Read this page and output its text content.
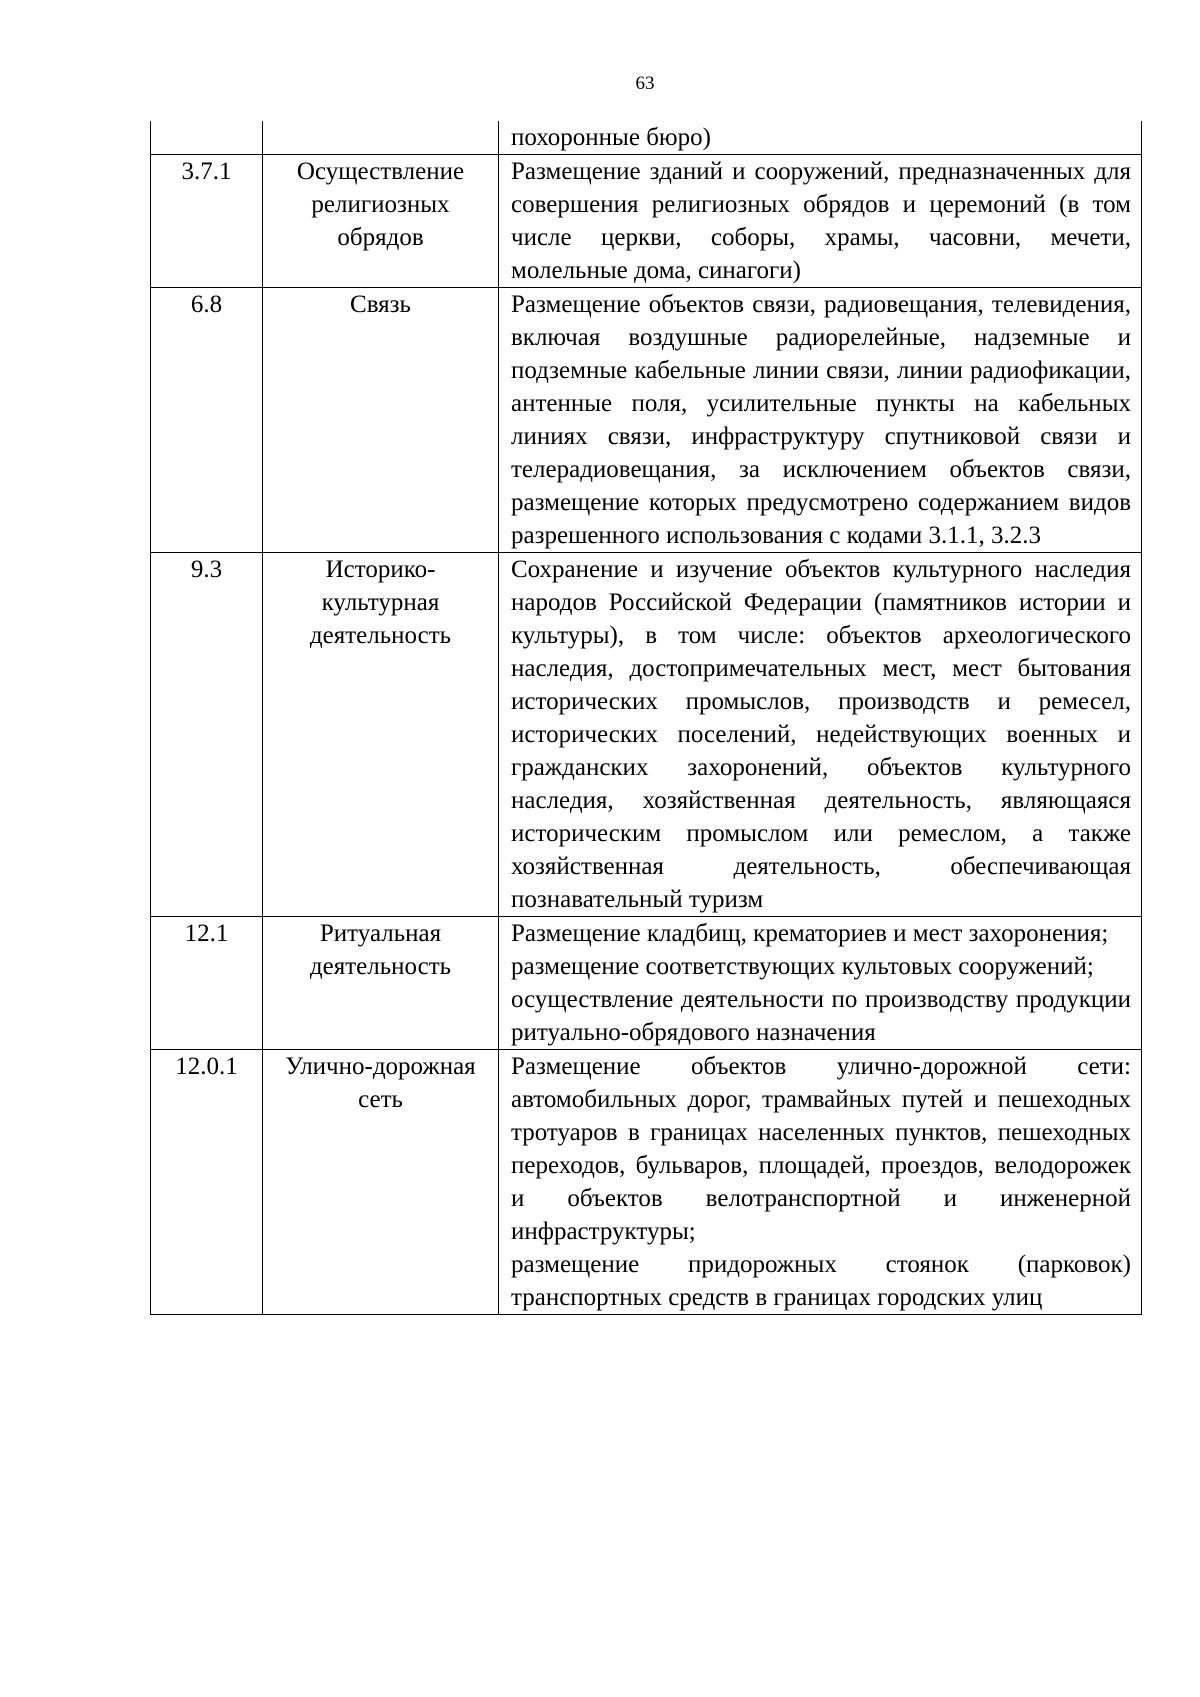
63

		похоронные бюро)

3.7.1	Осуществление религиозных обрядов	Размещение зданий и сооружений, предназначенных для совершения религиозных обрядов и церемоний (в том числе церкви, соборы, храмы, часовни, мечети, молельные дома, синагоги)

6.8	Связь	Размещение объектов связи, радиовещания, телевидения, включая воздушные радиорелейные, надземные и подземные кабельные линии связи, линии радиофикации, антенные поля, усилительные пункты на кабельных линиях связи, инфраструктуру спутниковой связи и телерадиовещания, за исключением объектов связи, размещение которых предусмотрено содержанием видов разрешенного использования с кодами 3.1.1, 3.2.3

9.3	Историко-культурная деятельность	Сохранение и изучение объектов культурного наследия народов Российской Федерации (памятников истории и культуры), в том числе: объектов археологического наследия, достопримечательных мест, мест бытования исторических промыслов, производств и ремесел, исторических поселений, недействующих военных и гражданских захоронений, объектов культурного наследия, хозяйственная деятельность, являющаяся историческим промыслом или ремеслом, а также хозяйственная деятельность, обеспечивающая познавательный туризм

12.1	Ритуальная деятельность	Размещение кладбищ, крематориев и мест захоронения;
размещение соответствующих культовых сооружений;
осуществление деятельности по производству продукции ритуально-обрядового назначения

12.0.1	Улично-дорожная сеть	Размещение объектов улично-дорожной сети: автомобильных дорог, трамвайных путей и пешеходных тротуаров в границах населенных пунктов, пешеходных переходов, бульваров, площадей, проездов, велодорожек и объектов велотранспортной и инженерной инфраструктуры;
размещение придорожных стоянок (парковок) транспортных средств в границах городских улиц
